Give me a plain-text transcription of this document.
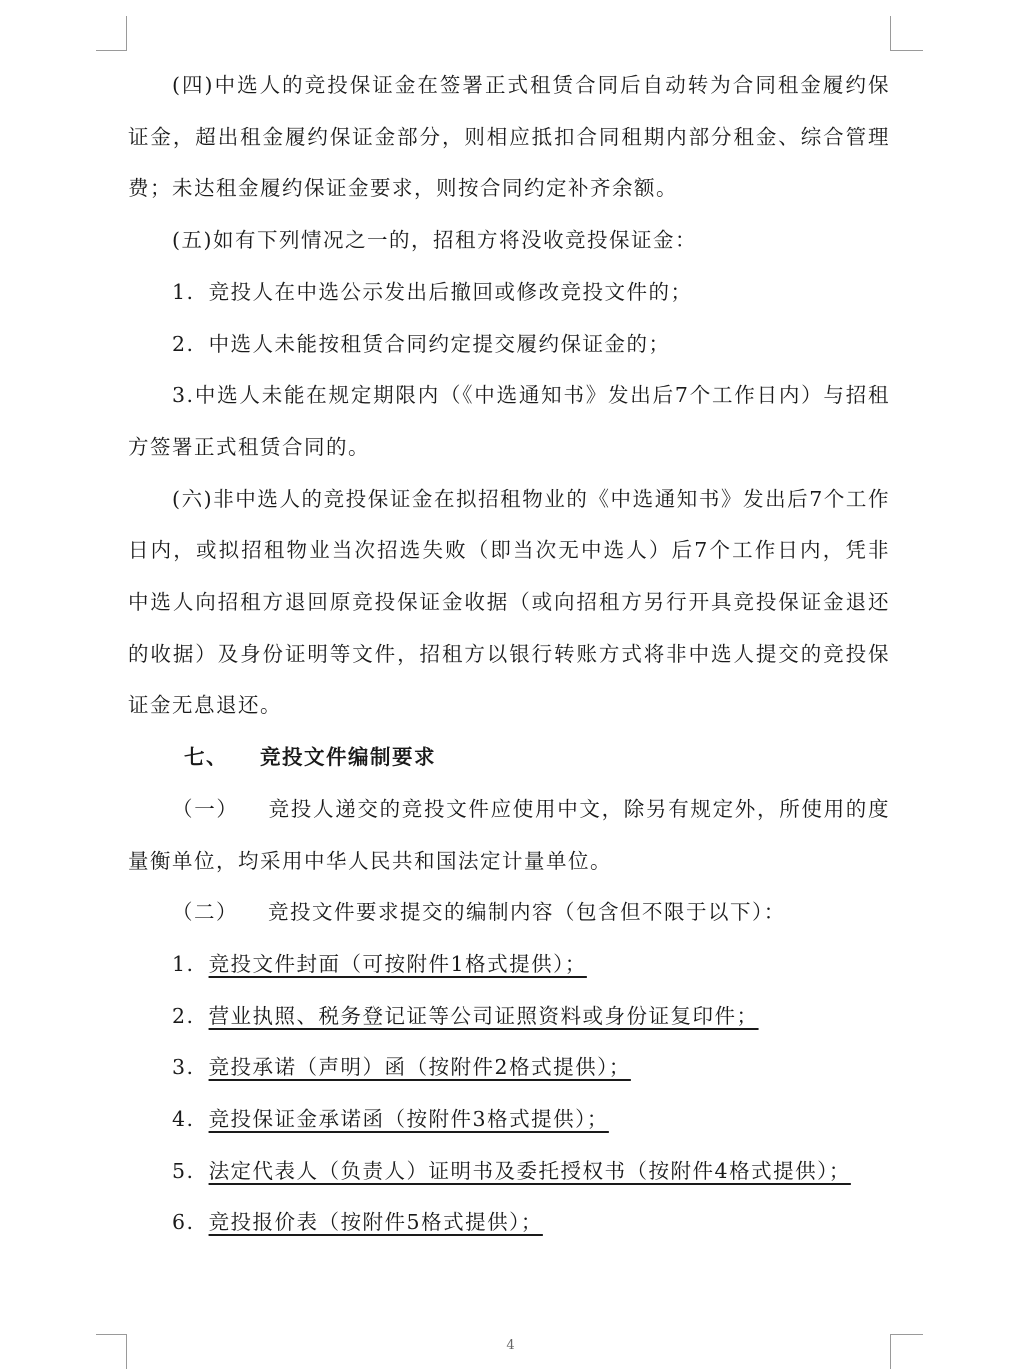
(四)中选人的竞投保证金在签署正式租赁合同后自动转为合同租金履约保证金，超出租金履约保证金部分，则相应抵扣合同租期内部分租金、综合管理费；未达租金履约保证金要求，则按合同约定补齐余额。

(五)如有下列情况之一的，招租方将没收竞投保证金：

1. 竞投人在中选公示发出后撤回或修改竞投文件的；

2. 中选人未能按租赁合同约定提交履约保证金的；

3.中选人未能在规定期限内（《中选通知书》发出后7个工作日内）与招租方签署正式租赁合同的。

(六)非中选人的竞投保证金在拟招租物业的《中选通知书》发出后7个工作日内，或拟招租物业当次招选失败（即当次无中选人）后7个工作日内，凭非中选人向招租方退回原竞投保证金收据（或向招租方另行开具竞投保证金退还的收据）及身份证明等文件，招租方以银行转账方式将非中选人提交的竞投保证金无息退还。

七、 竞投文件编制要求

（一） 竞投人递交的竞投文件应使用中文，除另有规定外，所使用的度量衡单位，均采用中华人民共和国法定计量单位。

（二） 竞投文件要求提交的编制内容（包含但不限于以下）：

1. 竞投文件封面（可按附件1格式提供）；

2. 营业执照、税务登记证等公司证照资料或身份证复印件；

3. 竞投承诺（声明）函（按附件2格式提供）；

4. 竞投保证金承诺函（按附件3格式提供）；

5. 法定代表人（负责人）证明书及委托授权书（按附件4格式提供）；

6. 竞投报价表（按附件5格式提供）；

4
